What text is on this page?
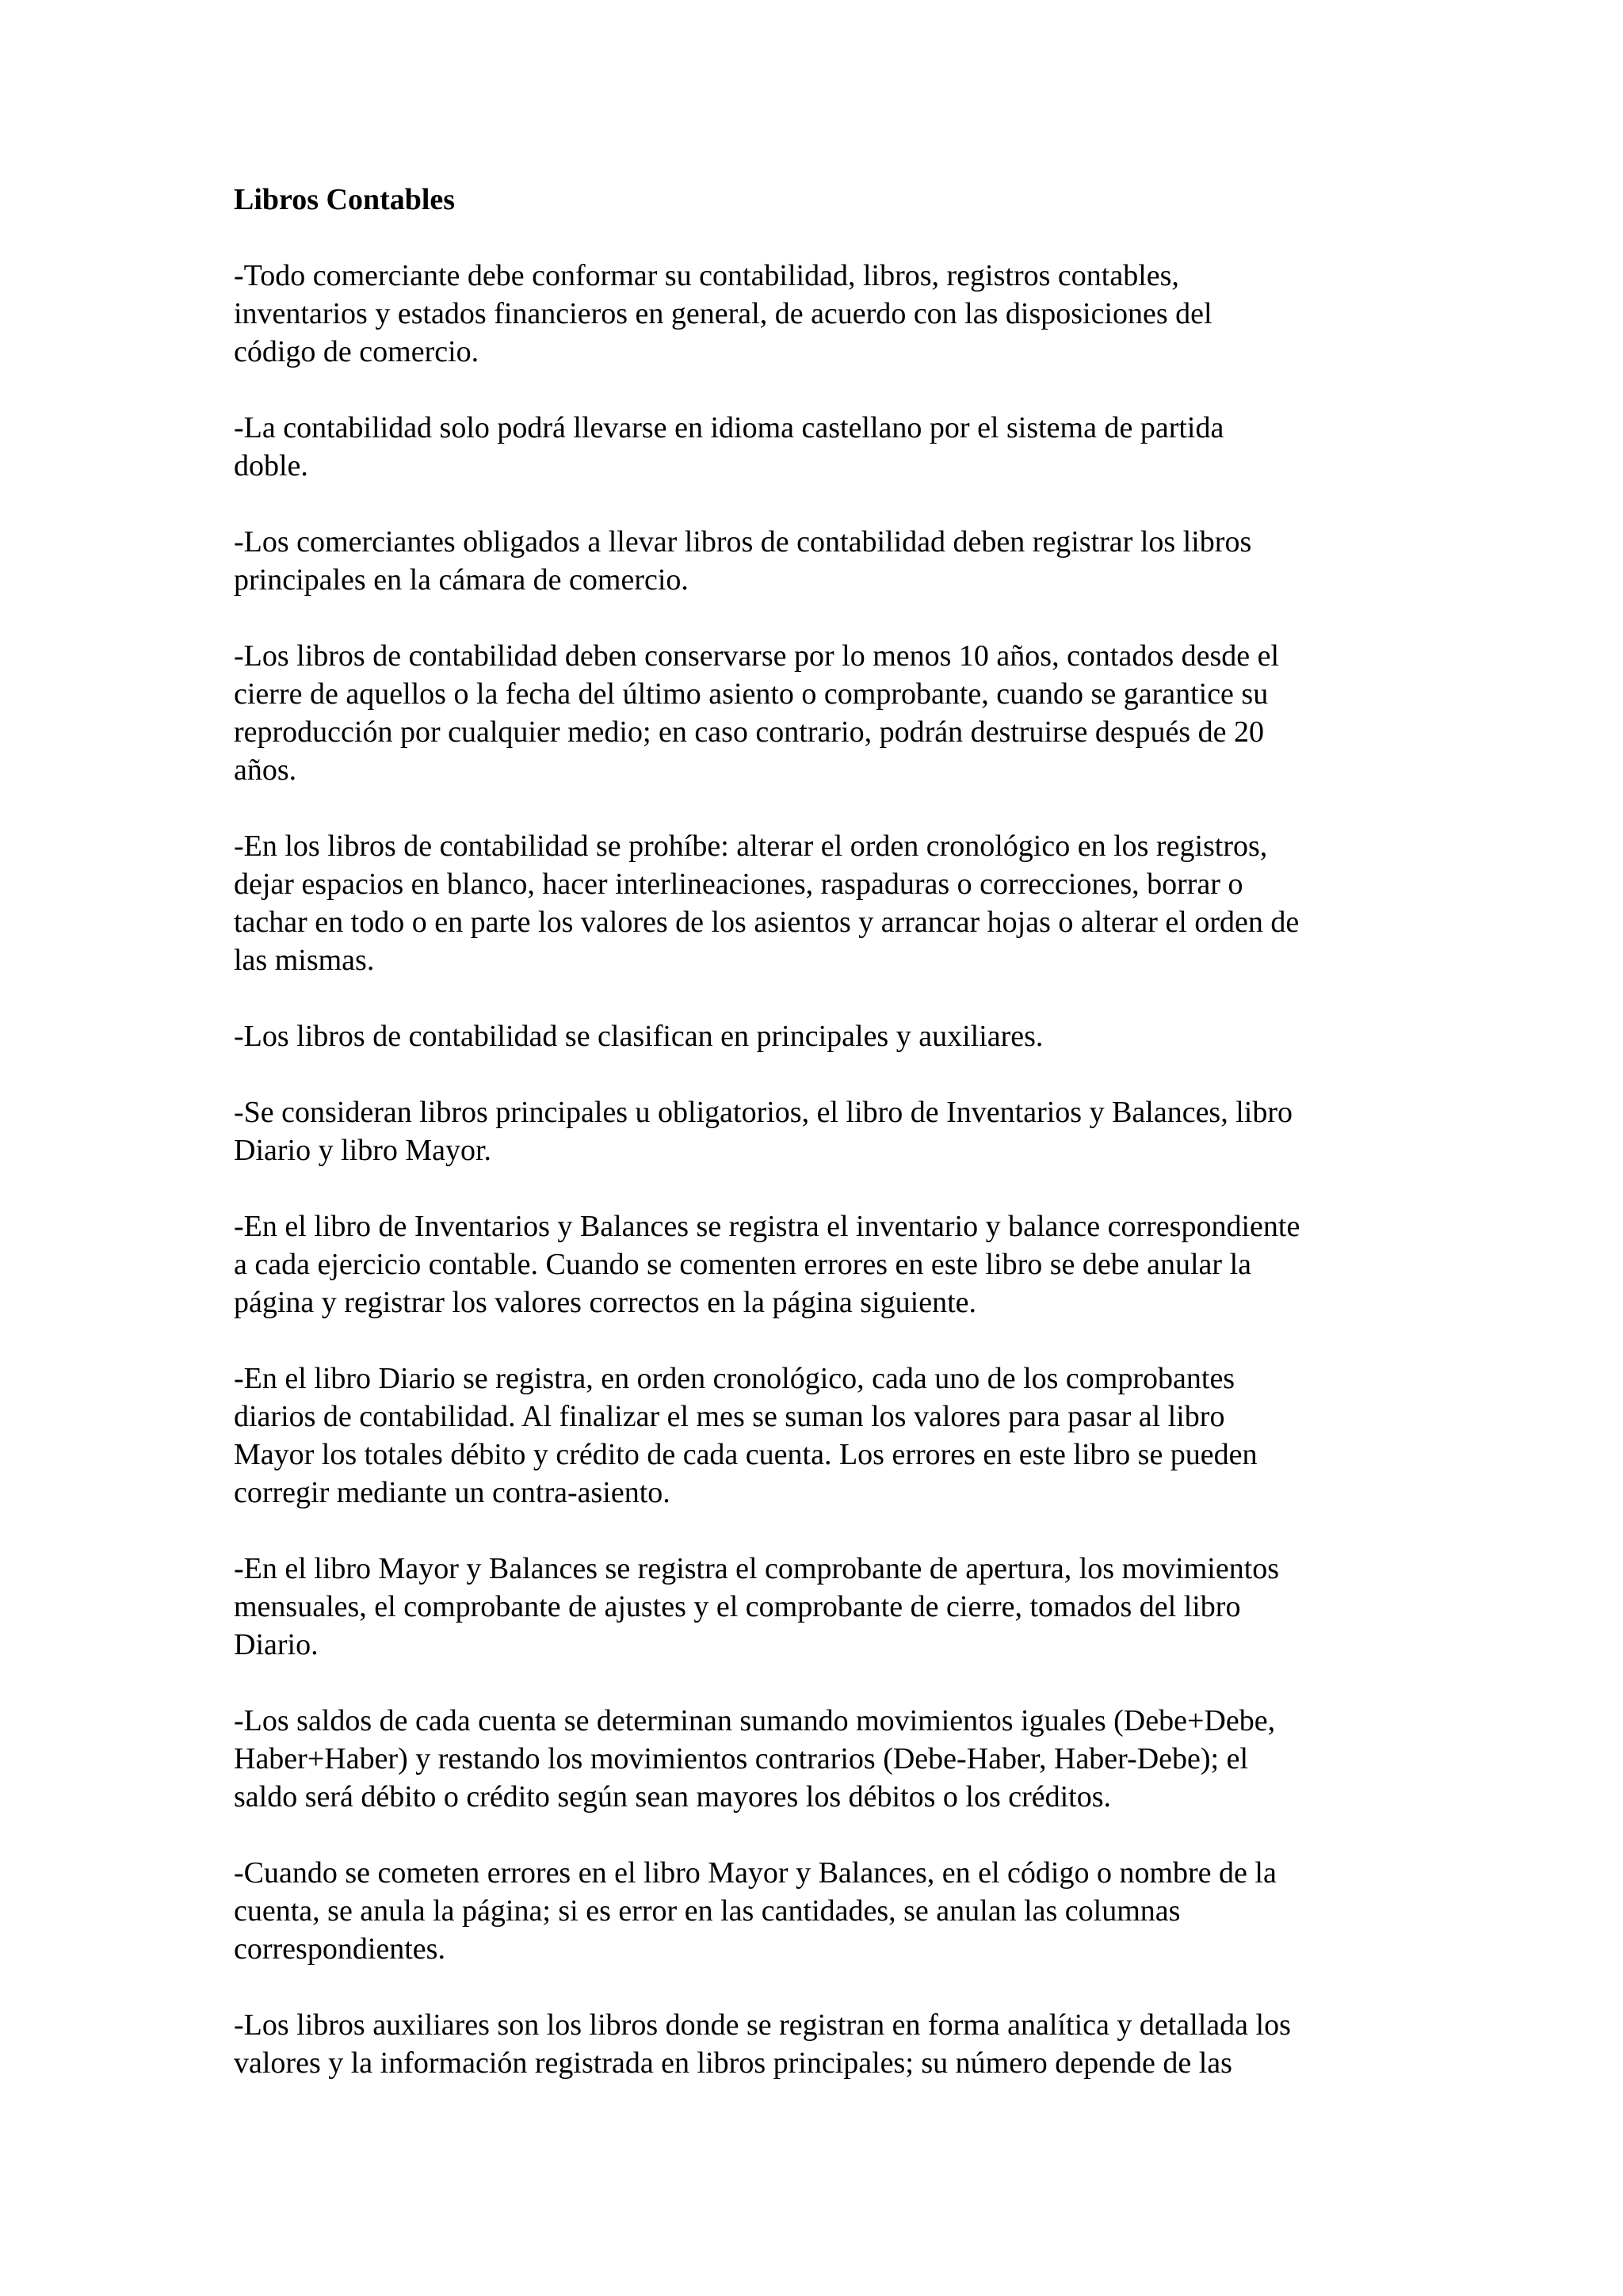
Libros Contables
-Todo comerciante debe conformar su contabilidad, libros, registros contables,
inventarios y estados financieros en general, de acuerdo con las disposiciones del
código de comercio.
-La contabilidad solo podrá llevarse en idioma castellano por el sistema de partida
doble.
-Los comerciantes obligados a llevar libros de contabilidad deben registrar los libros
principales en la cámara de comercio.
-Los libros de contabilidad deben conservarse por lo menos 10 años, contados desde el
cierre de aquellos o la fecha del último asiento o comprobante, cuando se garantice su
reproducción por cualquier medio; en caso contrario, podrán destruirse después de 20
años.
-En los libros de contabilidad se prohíbe: alterar el orden cronológico en los registros,
dejar espacios en blanco, hacer interlineaciones, raspaduras o correcciones, borrar o
tachar en todo o en parte los valores de los asientos y arrancar hojas o alterar el orden de
las mismas.
-Los libros de contabilidad se clasifican en principales y auxiliares.
-Se consideran libros principales u obligatorios, el libro de Inventarios y Balances, libro
Diario y libro Mayor.
-En el libro de Inventarios y Balances se registra el inventario y balance correspondiente
a cada ejercicio contable. Cuando se comenten errores en este libro se debe anular la
página y registrar los valores correctos en la página siguiente.
-En el libro Diario se registra, en orden cronológico, cada uno de los comprobantes
diarios de contabilidad. Al finalizar el mes se suman los valores para pasar al libro
Mayor los totales débito y crédito de cada cuenta. Los errores en este libro se pueden
corregir mediante un contra-asiento.
-En el libro Mayor y Balances se registra el comprobante de apertura, los movimientos
mensuales, el comprobante de ajustes y el comprobante de cierre, tomados del libro
Diario.
-Los saldos de cada cuenta se determinan sumando movimientos iguales (Debe+Debe,
Haber+Haber) y restando los movimientos contrarios (Debe-Haber, Haber-Debe); el
saldo será débito o crédito según sean mayores los débitos o los créditos.
-Cuando se cometen errores en el libro Mayor y Balances, en el código o nombre de la
cuenta, se anula la página; si es error en las cantidades, se anulan las columnas
correspondientes.
-Los libros auxiliares son los libros donde se registran en forma analítica y detallada los
valores y la información registrada en libros principales; su número depende de las
